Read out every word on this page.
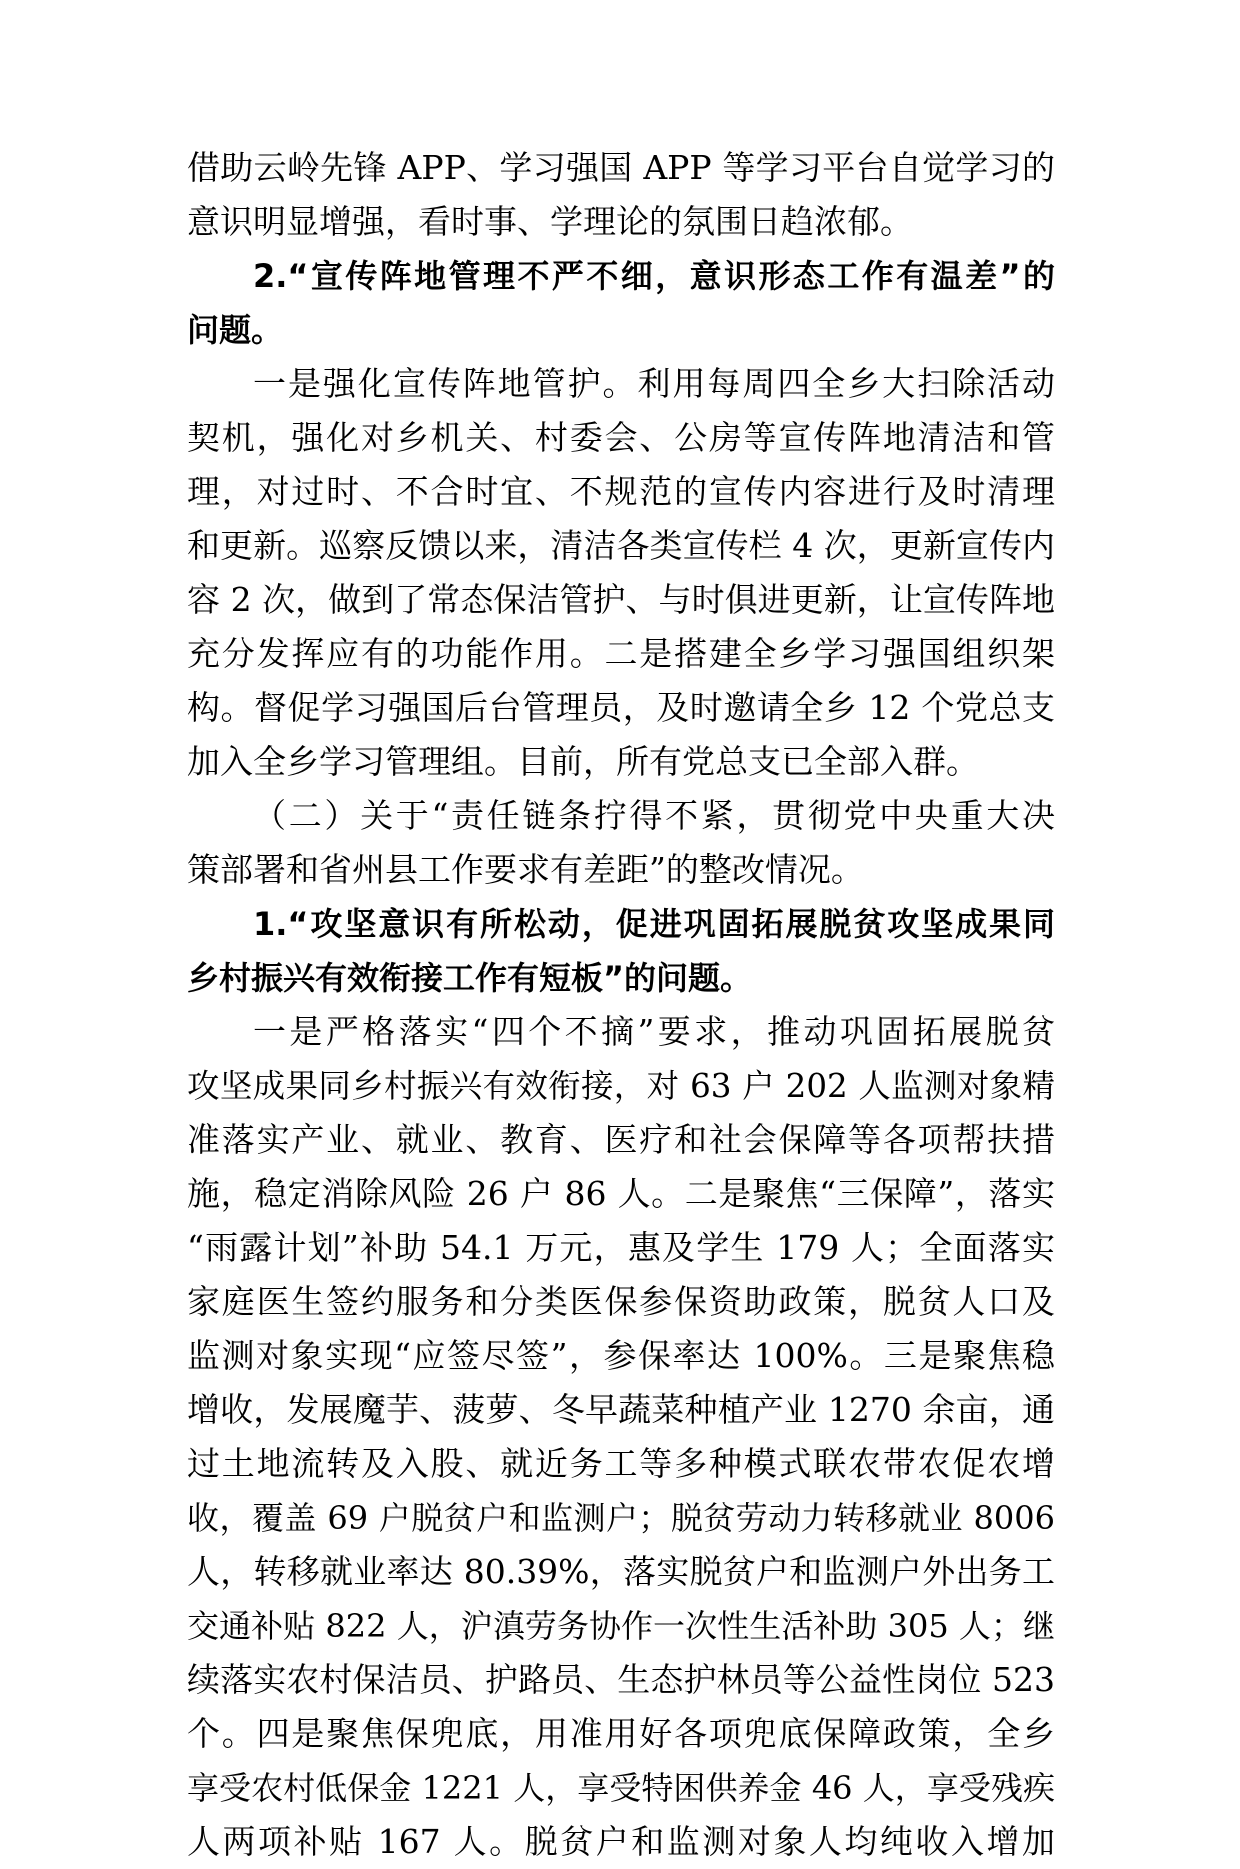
借助云岭先锋 APP、学习强国 APP 等学习平台自觉学习的
意识明显增强，看时事、学理论的氛围日趋浓郁。
2.“宣传阵地管理不严不细，意识形态工作有温差”的
问题。
一是强化宣传阵地管护。利用每周四全乡大扫除活动
契机，强化对乡机关、村委会、公房等宣传阵地清洁和管
理，对过时、不合时宜、不规范的宣传内容进行及时清理
和更新。巡察反馈以来，清洁各类宣传栏 4 次，更新宣传内
容 2 次，做到了常态保洁管护、与时俱进更新，让宣传阵地
充分发挥应有的功能作用。二是搭建全乡学习强国组织架
构。督促学习强国后台管理员，及时邀请全乡 12 个党总支
加入全乡学习管理组。目前，所有党总支已全部入群。
（二）关于“责任链条拧得不紧，贯彻党中央重大决
策部署和省州县工作要求有差距”的整改情况。
1.“攻坚意识有所松动，促进巩固拓展脱贫攻坚成果同
乡村振兴有效衔接工作有短板”的问题。
一是严格落实“四个不摘”要求，推动巩固拓展脱贫
攻坚成果同乡村振兴有效衔接，对 63 户 202 人监测对象精
准落实产业、就业、教育、医疗和社会保障等各项帮扶措
施，稳定消除风险 26 户 86 人。二是聚焦“三保障”，落实
“雨露计划”补助 54.1 万元，惠及学生 179 人；全面落实
家庭医生签约服务和分类医保参保资助政策，脱贫人口及
监测对象实现“应签尽签”，参保率达 100%。三是聚焦稳
增收，发展魔芋、菠萝、冬早蔬菜种植产业 1270 余亩，通
过土地流转及入股、就近务工等多种模式联农带农促农增
收，覆盖 69 户脱贫户和监测户；脱贫劳动力转移就业 8006
人，转移就业率达 80.39%，落实脱贫户和监测户外出务工
交通补贴 822 人，沪滇劳务协作一次性生活补助 305 人；继
续落实农村保洁员、护路员、生态护林员等公益性岗位 523
个。四是聚焦保兜底，用准用好各项兜底保障政策，全乡
享受农村低保金 1221 人，享受特困供养金 46 人，享受残疾
人两项补贴 167 人。脱贫户和监测对象人均纯收入增加
